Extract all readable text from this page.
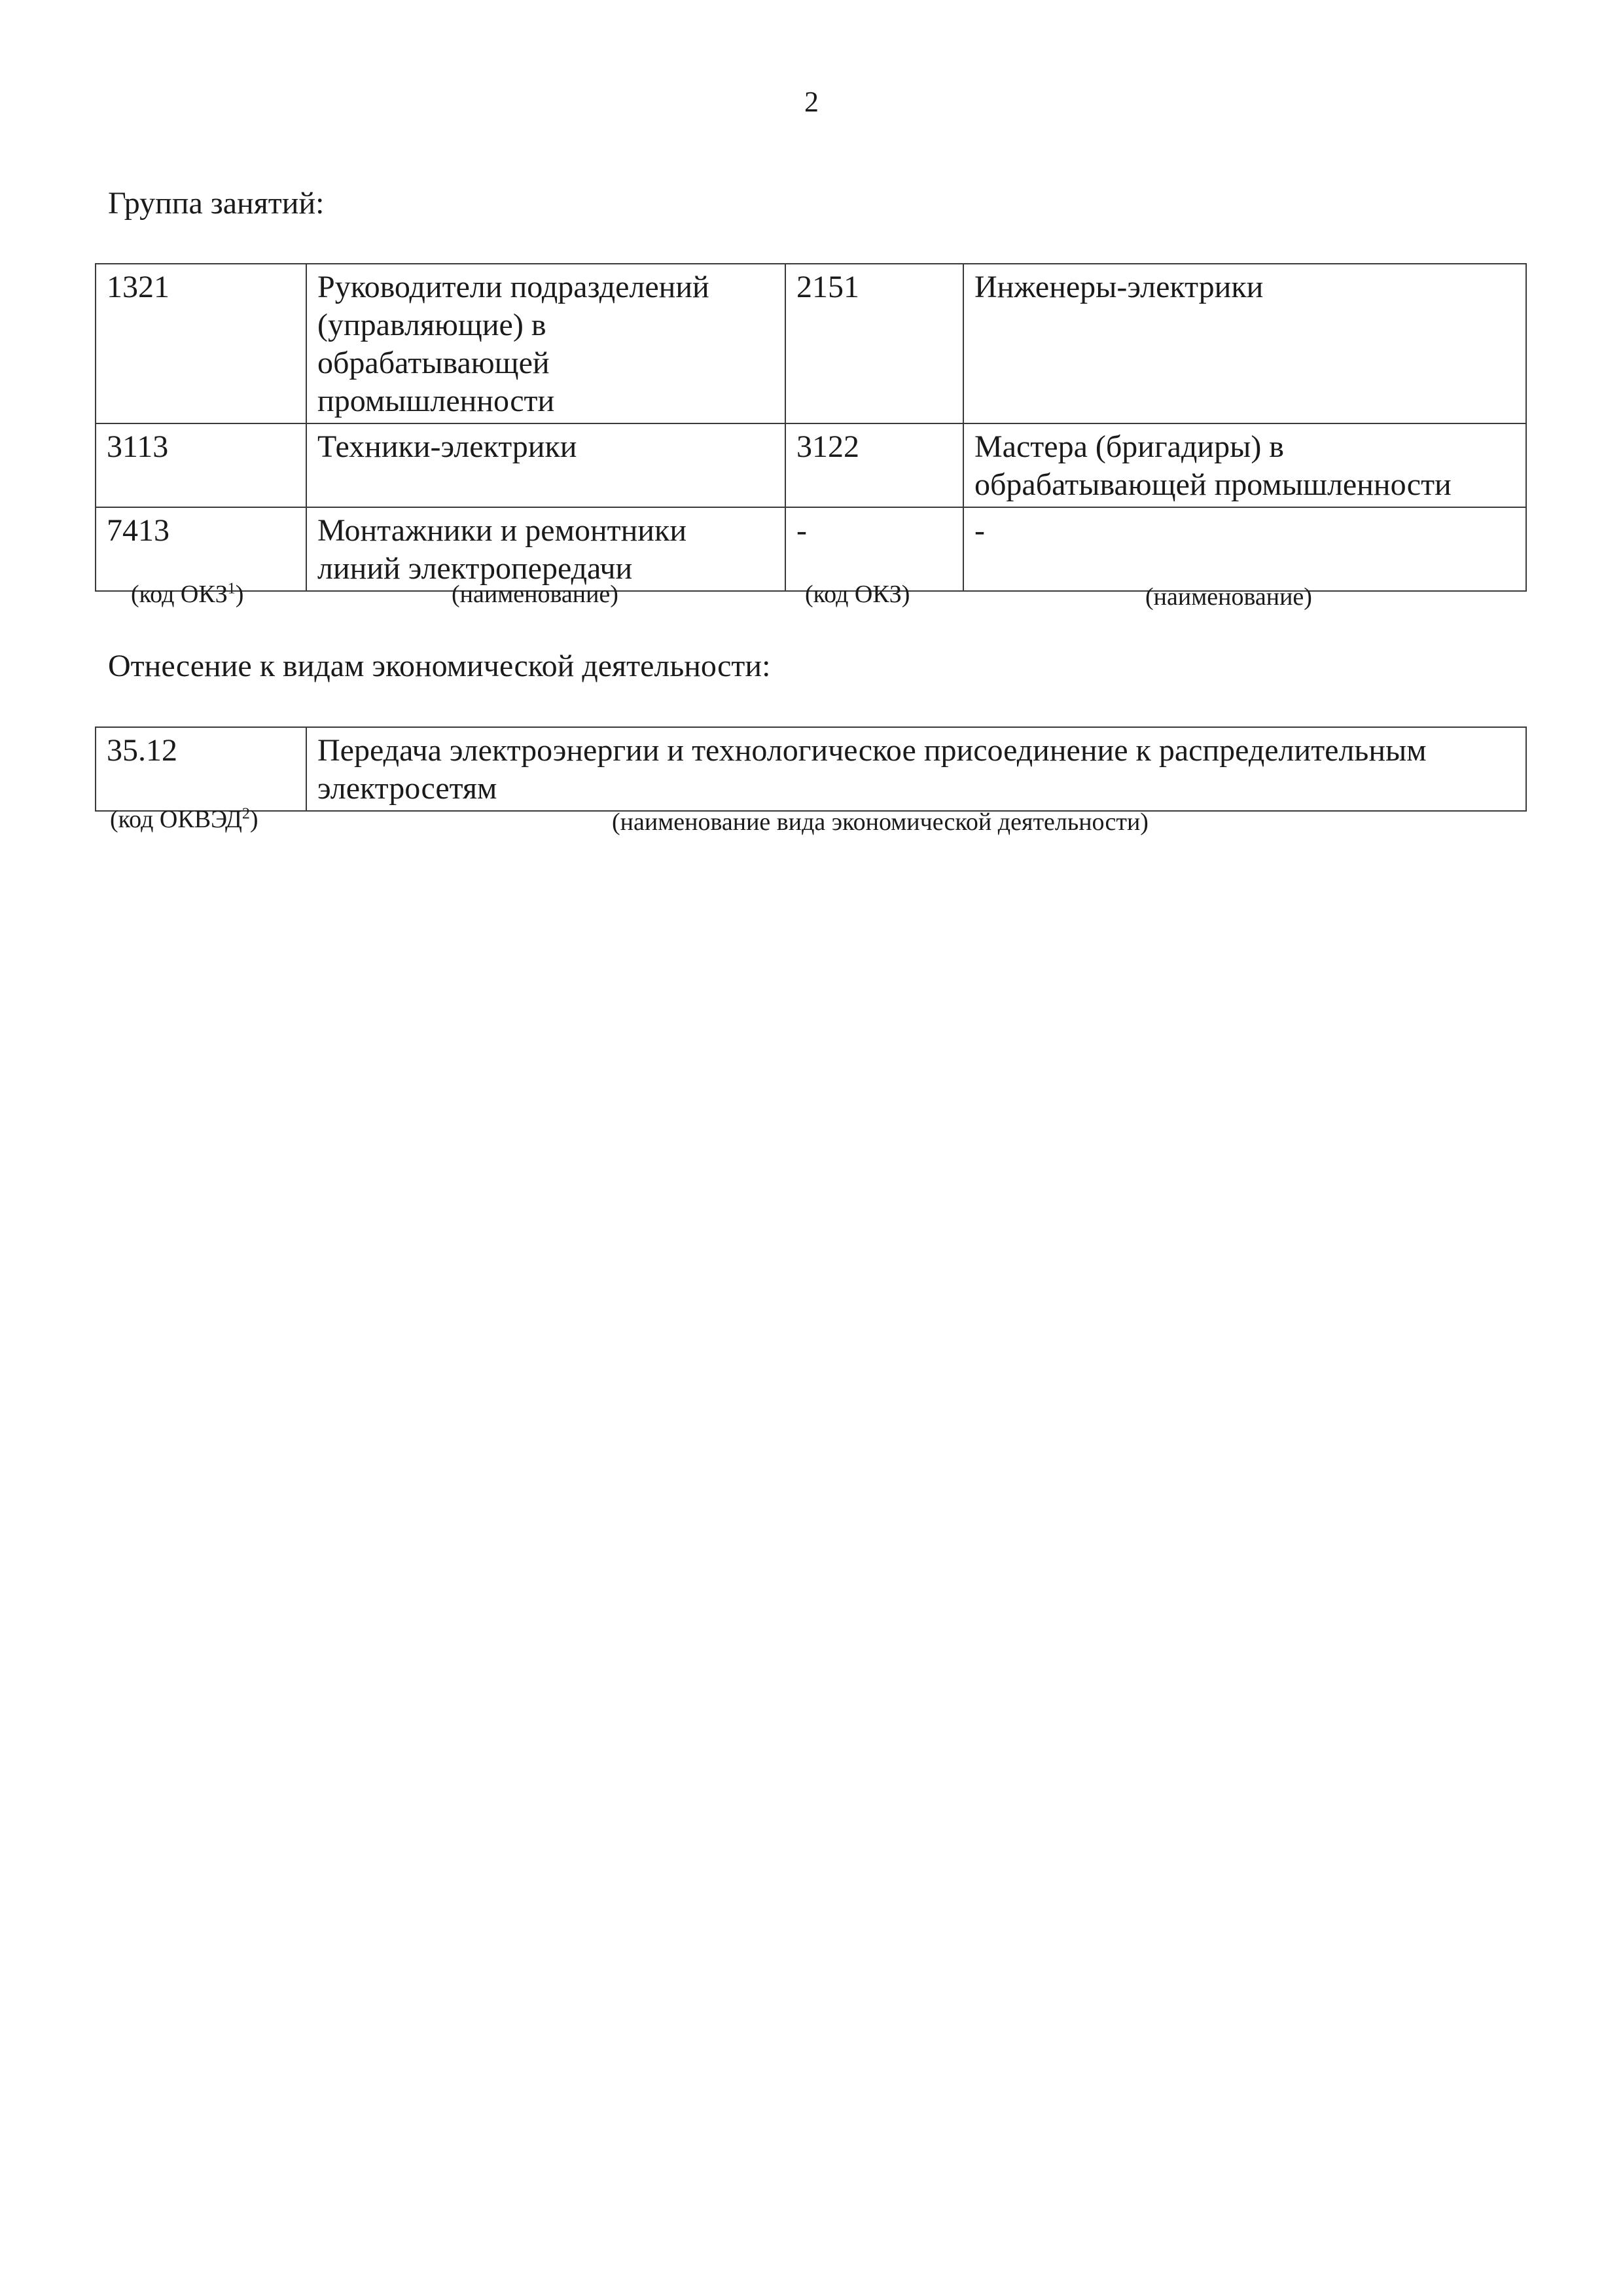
2
Группа занятий:
1321	Руководители подразделений (управляющие) в обрабатывающей промышленности	2151	Инженеры-электрики
3113	Техники-электрики	3122	Мастера (бригадиры) в обрабатывающей промышленности
7413	Монтажники и ремонтники линий электропередачи	-	-
(код ОКЗ$^1$)	(наименование)	(код ОКЗ)	(наименование)
Отнесение к видам экономической деятельности:
35.12	Передача электроэнергии и технологическое присоединение к распределительным электросетям
(код ОКВЭД$^2$)	(наименование вида экономической деятельности)
